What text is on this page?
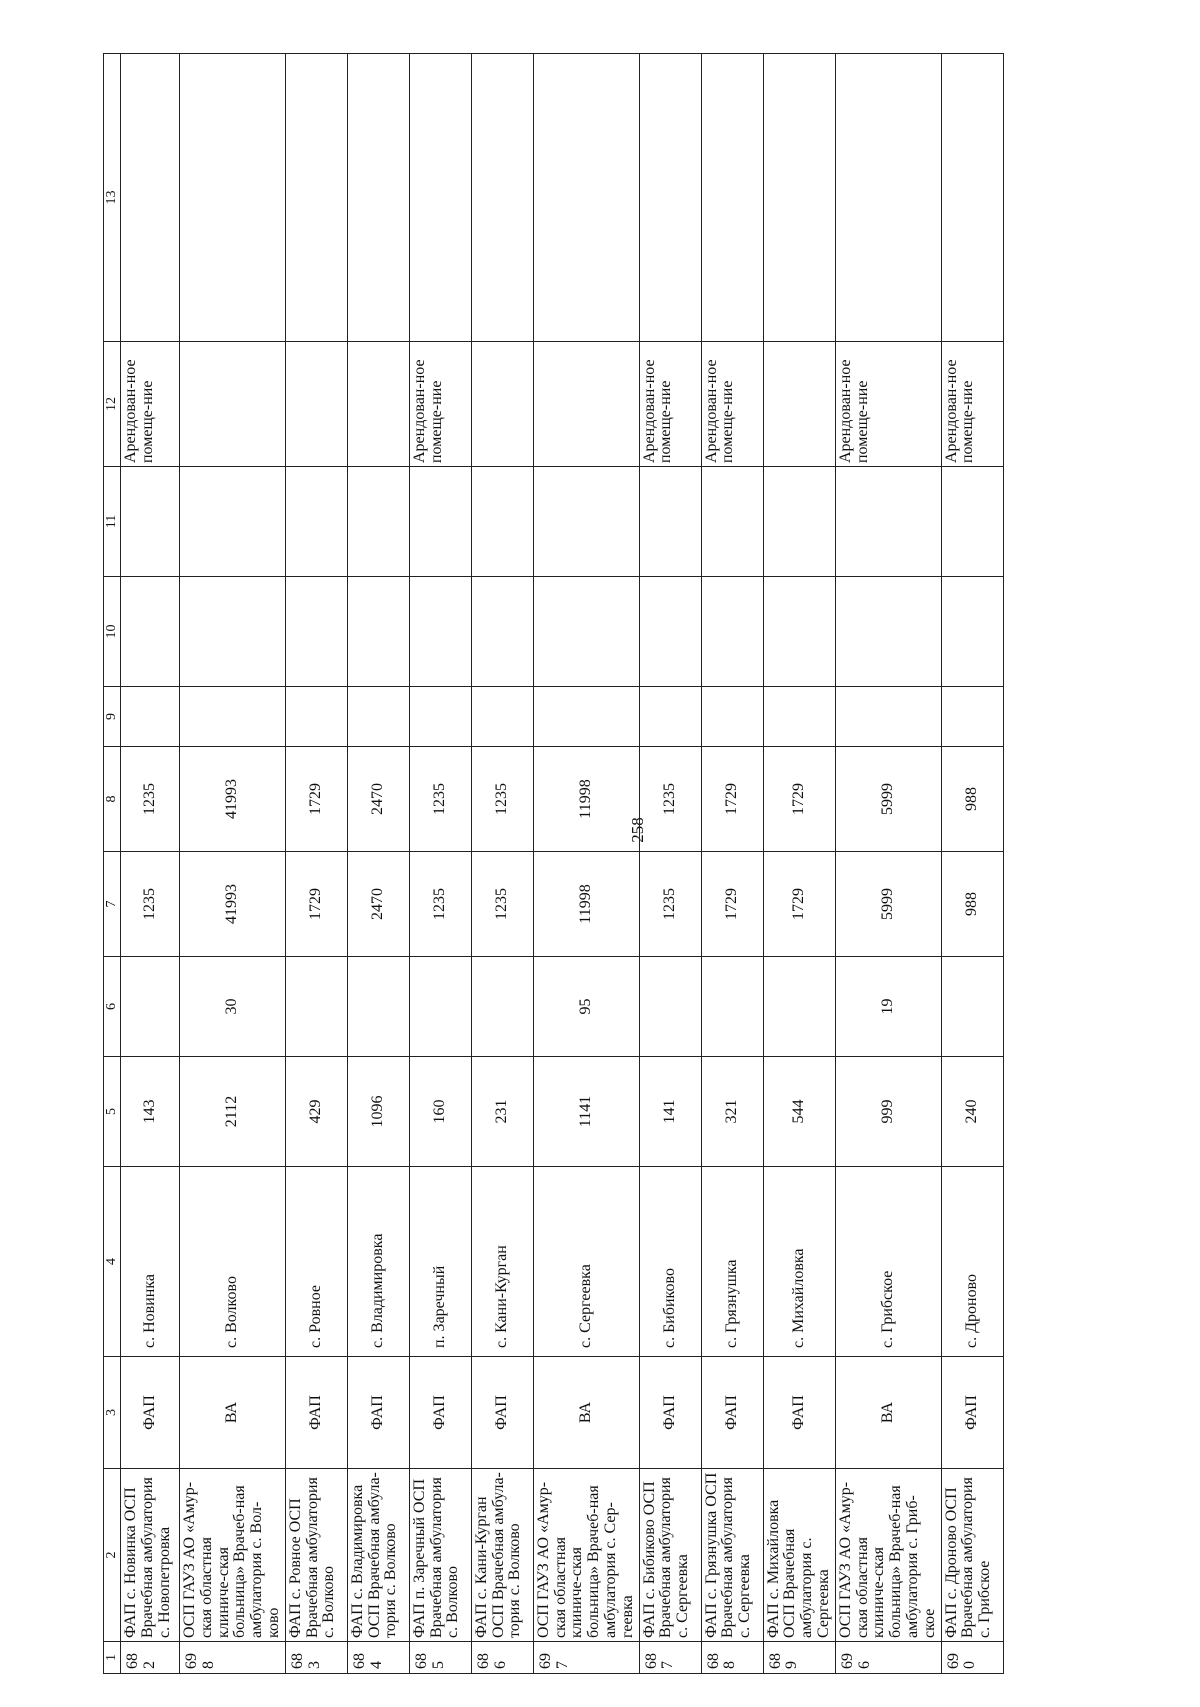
258
1	2	3	4	5	6	7	8	9	10	11	12	13
682	ФАП с. Новинка ОСП Врачебная амбулатория с. Новопетровка	ФАП	с. Новинка	143		1235	1235				Арендован-ное помеще-ние	
698	ОСП ГАУЗ АО «Амур-ская областная клиниче-ская больница» Врачеб-ная амбулатория с. Вол-ково	ВА	с. Волково	2112	30	41993	41993					
683	ФАП с. Ровное ОСП Врачебная амбулатория с. Волково	ФАП	с. Ровное	429		1729	1729					
684	ФАП с. Владимировка ОСП Врачебная амбула-тория с. Волково	ФАП	с. Владимировка	1096		2470	2470					
685	ФАП п. Заречный ОСП Врачебная амбулатория с. Волково	ФАП	п. Заречный	160		1235	1235				Арендован-ное помеще-ние	
686	ФАП с. Кани-Курган ОСП Врачебная амбула-тория с. Волково	ФАП	с. Кани-Курган	231		1235	1235					
697	ОСП ГАУЗ АО «Амур-ская областная клиниче-ская больница» Врачеб-ная амбулатория с. Сер-геевка	ВА	с. Сергеевка	1141	95	11998	11998					
687	ФАП с. Бибиково ОСП Врачебная амбулатория с. Сергеевка	ФАП	с. Бибиково	141		1235	1235				Арендован-ное помеще-ние	
688	ФАП с. Грязнушка ОСП Врачебная амбулатория с. Сергеевка	ФАП	с. Грязнушка	321		1729	1729				Арендован-ное помеще-ние	
689	ФАП с. Михайловка ОСП Врачебная амбулатория с. Сергеевка	ФАП	с. Михайловка	544		1729	1729					
696	ОСП ГАУЗ АО «Амур-ская областная клиниче-ская больница» Врачеб-ная амбулатория с. Гриб-ское	ВА	с. Грибское	999	19	5999	5999				Арендован-ное помеще-ние	
690	ФАП с. Дроново ОСП Врачебная амбулатория с. Грибское	ФАП	с. Дроново	240		988	988				Арендован-ное помеще-ние	
